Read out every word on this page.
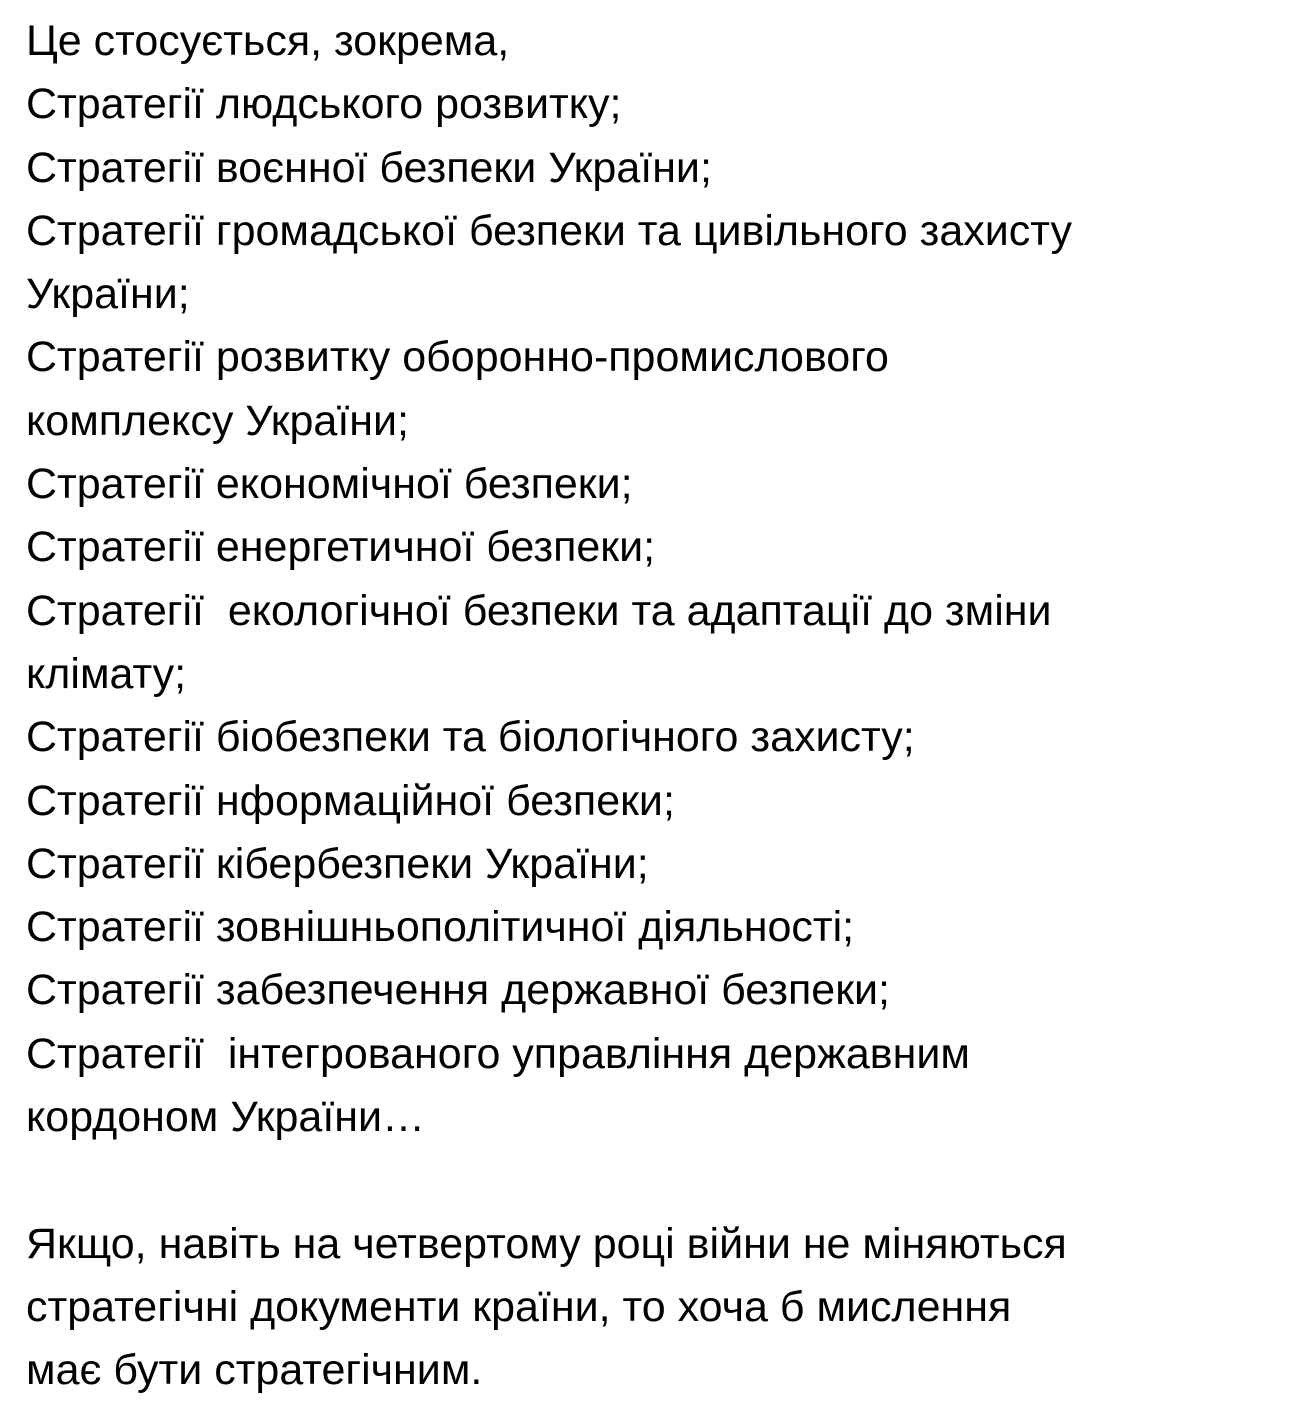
Це стосується, зокрема,
Стратегії людського розвитку;
Стратегії воєнної безпеки України;
Стратегії громадської безпеки та цивільного захисту
України;
Стратегії розвитку оборонно-промислового
комплексу України;
Стратегії економічної безпеки;
Стратегії енергетичної безпеки;
Стратегії  екологічної безпеки та адаптації до зміни
клімату;
Стратегії біобезпеки та біологічного захисту;
Стратегії нформаційної безпеки;
Стратегії кібербезпеки України;
Стратегії зовнішньополітичної діяльності;
Стратегії забезпечення державної безпеки;
Стратегії  інтегрованого управління державним
кордоном України…
Якщо, навіть на четвертому році війни не міняються
стратегічні документи країни, то хоча б мислення
має бути стратегічним.
